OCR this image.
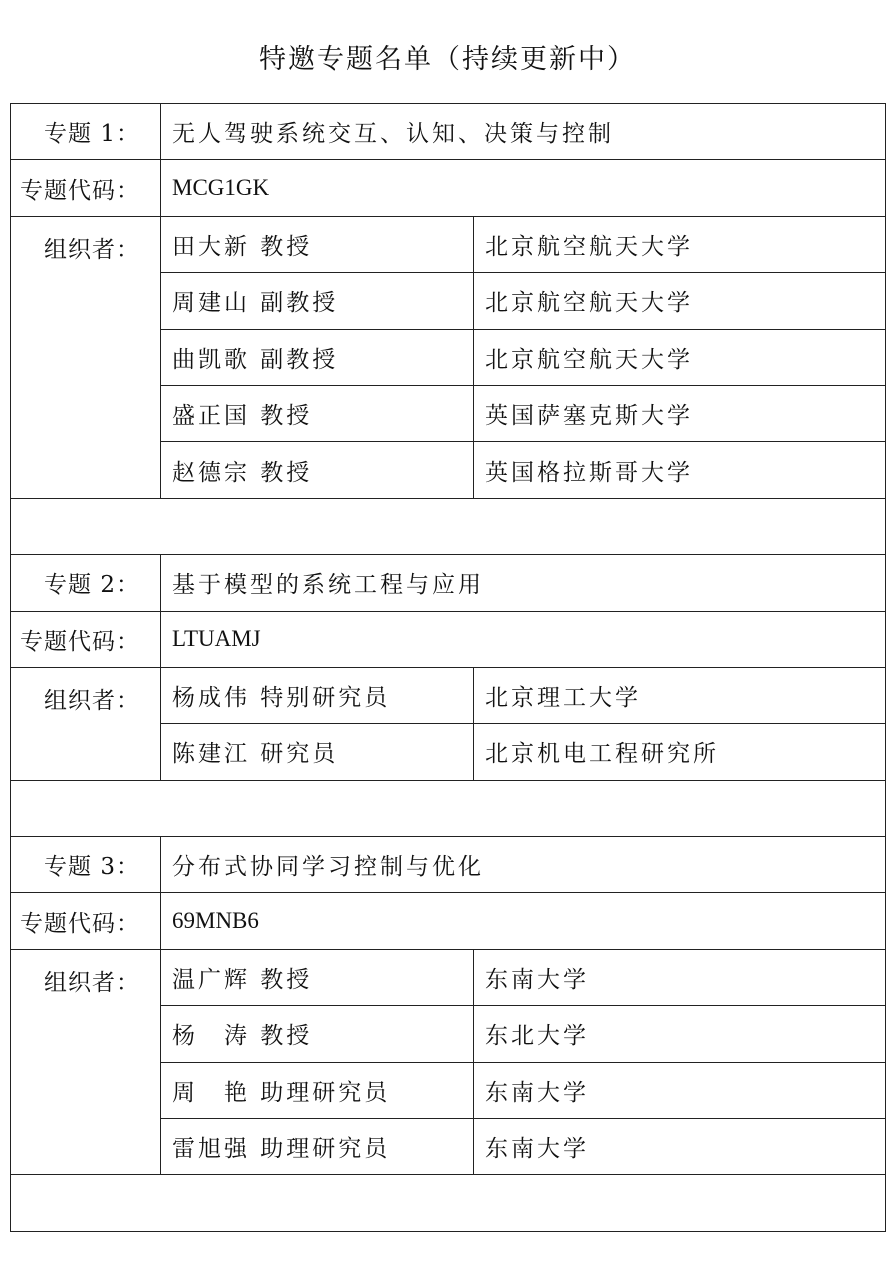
特邀专题名单（持续更新中）
专题 1：	无人驾驶系统交互、认知、决策与控制	
专题代码：	MCG1GK	
组织者：	田大新 教授	北京航空航天大学
	周建山 副教授	北京航空航天大学
	曲凯歌 副教授	北京航空航天大学
	盛正国 教授	英国萨塞克斯大学
	赵德宗 教授	英国格拉斯哥大学

专题 2：	基于模型的系统工程与应用	
专题代码：	LTUAMJ	
组织者：	杨成伟 特别研究员	北京理工大学
	陈建江 研究员	北京机电工程研究所

专题 3：	分布式协同学习控制与优化	
专题代码：	69MNB6	
组织者：	温广辉 教授	东南大学
	杨　涛 教授	东北大学
	周　艳 助理研究员	东南大学
	雷旭强 助理研究员	东南大学
